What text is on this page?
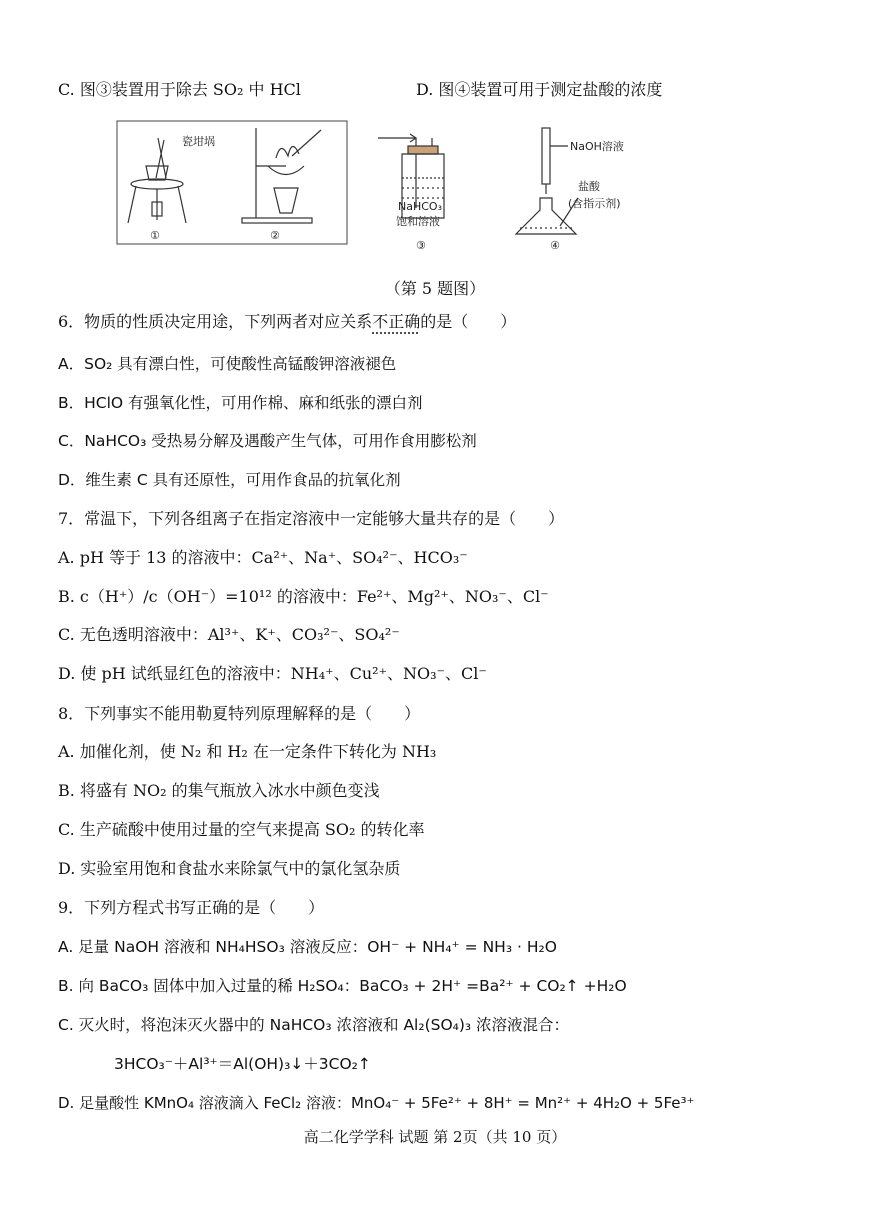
C. 图③装置用于除去 SO₂ 中 HCl	D. 图④装置可用于测定盐酸的浓度
瓷坩埚
①	②
NaHCO₃
饱和溶液
③
NaOH溶液
盐酸
(含指示剂)
④
（第 5 题图）
6．物质的性质决定用途，下列两者对应关系不正确的是（　　）
A．SO₂ 具有漂白性，可使酸性高锰酸钾溶液褪色
B．HClO 有强氧化性，可用作棉、麻和纸张的漂白剂
C．NaHCO₃ 受热易分解及遇酸产生气体，可用作食用膨松剂
D．维生素 C 具有还原性，可用作食品的抗氧化剂
7．常温下，下列各组离子在指定溶液中一定能够大量共存的是（　　）
A. pH 等于 13 的溶液中：Ca²⁺、Na⁺、SO₄²⁻、HCO₃⁻
B. c（H⁺）/c（OH⁻）=10¹² 的溶液中：Fe²⁺、Mg²⁺、NO₃⁻、Cl⁻
C. 无色透明溶液中：Al³⁺、K⁺、CO₃²⁻、SO₄²⁻
D. 使 pH 试纸显红色的溶液中：NH₄⁺、Cu²⁺、NO₃⁻、Cl⁻
8．下列事实不能用勒夏特列原理解释的是（　　）
A. 加催化剂，使 N₂ 和 H₂ 在一定条件下转化为 NH₃
B. 将盛有 NO₂ 的集气瓶放入冰水中颜色变浅
C. 生产硫酸中使用过量的空气来提高 SO₂ 的转化率
D. 实验室用饱和食盐水来除氯气中的氯化氢杂质
9．下列方程式书写正确的是（　　）
A. 足量 NaOH 溶液和 NH₄HSO₃ 溶液反应：OH⁻ + NH₄⁺ = NH₃ · H₂O
B. 向 BaCO₃ 固体中加入过量的稀 H₂SO₄：BaCO₃ + 2H⁺ =Ba²⁺ + CO₂↑ +H₂O
C. 灭火时，将泡沫灭火器中的 NaHCO₃ 浓溶液和 Al₂(SO₄)₃ 浓溶液混合：
3HCO₃⁻＋Al³⁺＝Al(OH)₃↓＋3CO₂↑
D. 足量酸性 KMnO₄ 溶液滴入 FeCl₂ 溶液：MnO₄⁻ + 5Fe²⁺ + 8H⁺ = Mn²⁺ + 4H₂O + 5Fe³⁺
高二化学学科 试题 第 2页（共 10 页）
